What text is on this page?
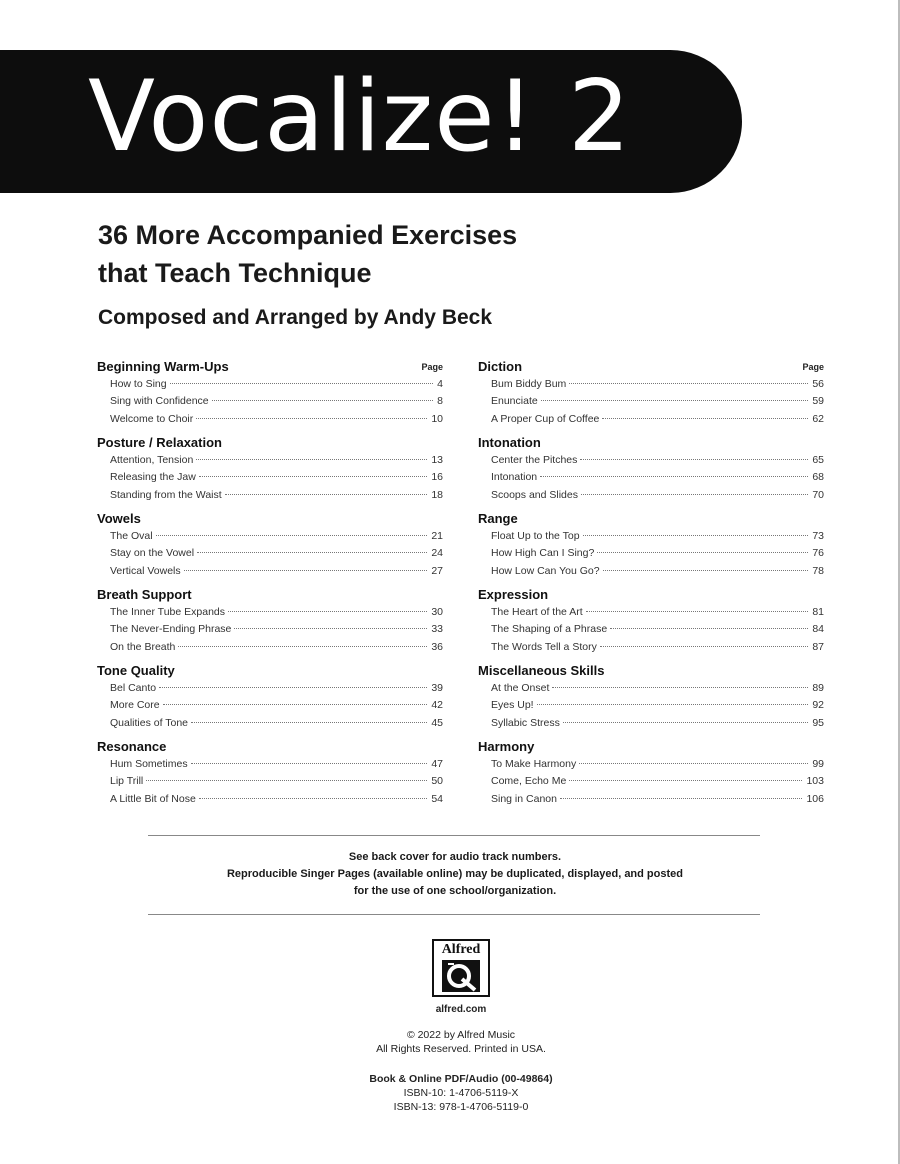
Vocalize! 2
36 More Accompanied Exercises
that Teach Technique
Composed and Arranged by Andy Beck
Page
Beginning Warm-Ups
How to Sing	4
Sing with Confidence	8
Welcome to Choir	10
Posture / Relaxation
Attention, Tension	13
Releasing the Jaw	16
Standing from the Waist	18
Vowels
The Oval	21
Stay on the Vowel	24
Vertical Vowels	27
Breath Support
The Inner Tube Expands	30
The Never-Ending Phrase	33
On the Breath	36
Tone Quality
Bel Canto	39
More Core	42
Qualities of Tone	45
Resonance
Hum Sometimes	47
Lip Trill	50
A Little Bit of Nose	54
Page
Diction
Bum Biddy Bum	56
Enunciate	59
A Proper Cup of Coffee	62
Intonation
Center the Pitches	65
Intonation	68
Scoops and Slides	70
Range
Float Up to the Top	73
How High Can I Sing?	76
How Low Can You Go?	78
Expression
The Heart of the Art	81
The Shaping of a Phrase	84
The Words Tell a Story	87
Miscellaneous Skills
At the Onset	89
Eyes Up!	92
Syllabic Stress	95
Harmony
To Make Harmony	99
Come, Echo Me	103
Sing in Canon	106
See back cover for audio track numbers.
Reproducible Singer Pages (available online) may be duplicated, displayed, and posted
for the use of one school/organization.
Alfred
alfred.com
© 2022 by Alfred Music
All Rights Reserved. Printed in USA.
Book & Online PDF/Audio (00-49864)
ISBN-10: 1-4706-5119-X
ISBN-13: 978-1-4706-5119-0
